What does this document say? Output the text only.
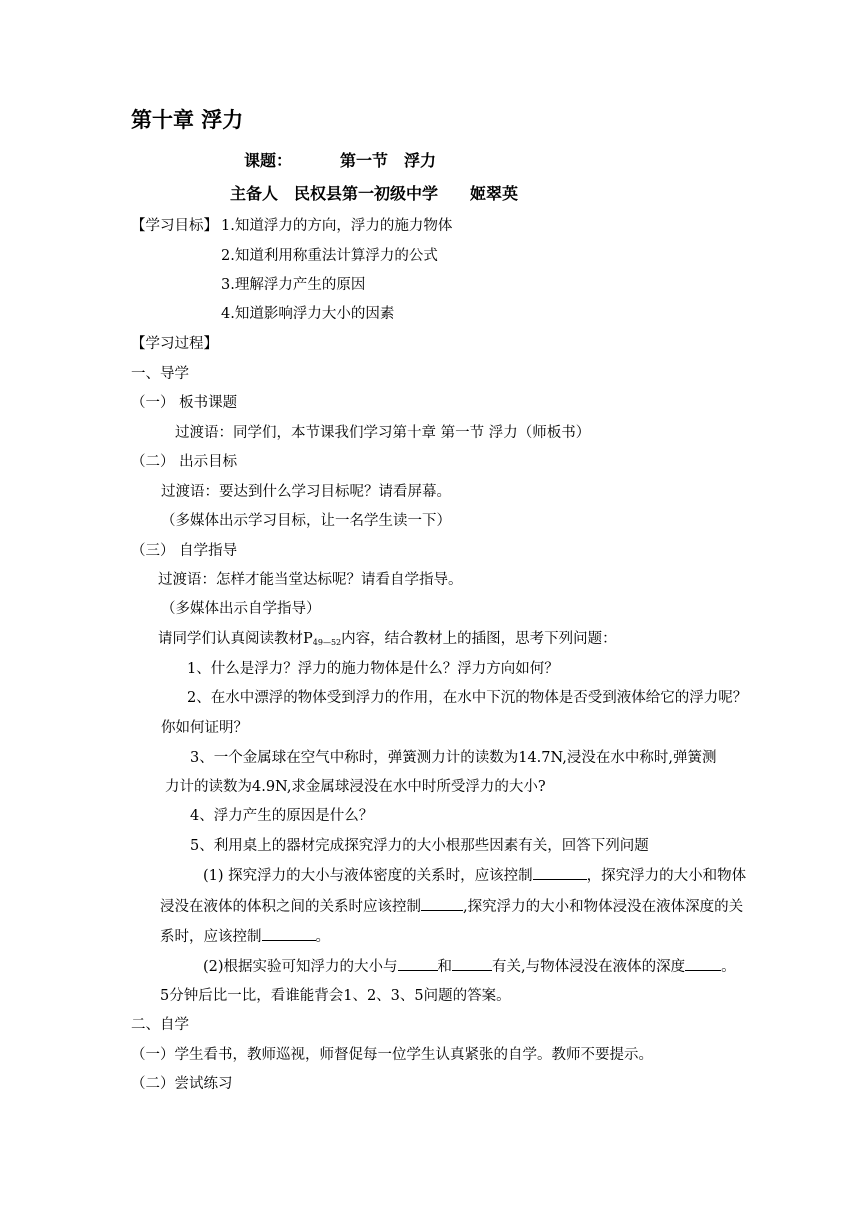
第十章 浮力
课题：	第一节　浮力
主备人　民权县第一初级中学　　姬翠英
【学习目标】 1.知道浮力的方向，浮力的施力物体
2.知道利用称重法计算浮力的公式
3.理解浮力产生的原因
4.知道影响浮力大小的因素
【学习过程】
一、导学
（一） 板书课题
过渡语：同学们，本节课我们学习第十章 第一节 浮力（师板书）
（二） 出示目标
过渡语：要达到什么学习目标呢？请看屏幕。
（多媒体出示学习目标，让一名学生读一下）
（三） 自学指导
过渡语：怎样才能当堂达标呢？请看自学指导。
（多媒体出示自学指导）
请同学们认真阅读教材$P_{49—52}$内容，结合教材上的插图，思考下列问题：
1、什么是浮力？浮力的施力物体是什么？浮力方向如何？
2、在水中漂浮的物体受到浮力的作用，在水中下沉的物体是否受到液体给它的浮力呢？
你如何证明？
3、一个金属球在空气中称时，弹簧测力计的读数为14.7N,浸没在水中称时,弹簧测
力计的读数为4.9N,求金属球浸没在水中时所受浮力的大小?
4、浮力产生的原因是什么？
5、利用桌上的器材完成探究浮力的大小根那些因素有关，回答下列问题
(1) 探究浮力的大小与液体密度的关系时，应该控制	，探究浮力的大小和物体
浸没在液体的体积之间的关系时应该控制	,探究浮力的大小和物体浸没在液体深度的关
系时，应该控制	。
(2)根据实验可知浮力的大小与	和	有关,与物体浸没在液体的深度 。
5分钟后比一比，看谁能背会1、2、3、5问题的答案。
二、自学
（一）学生看书，教师巡视，师督促每一位学生认真紧张的自学。教师不要提示。
（二）尝试练习
